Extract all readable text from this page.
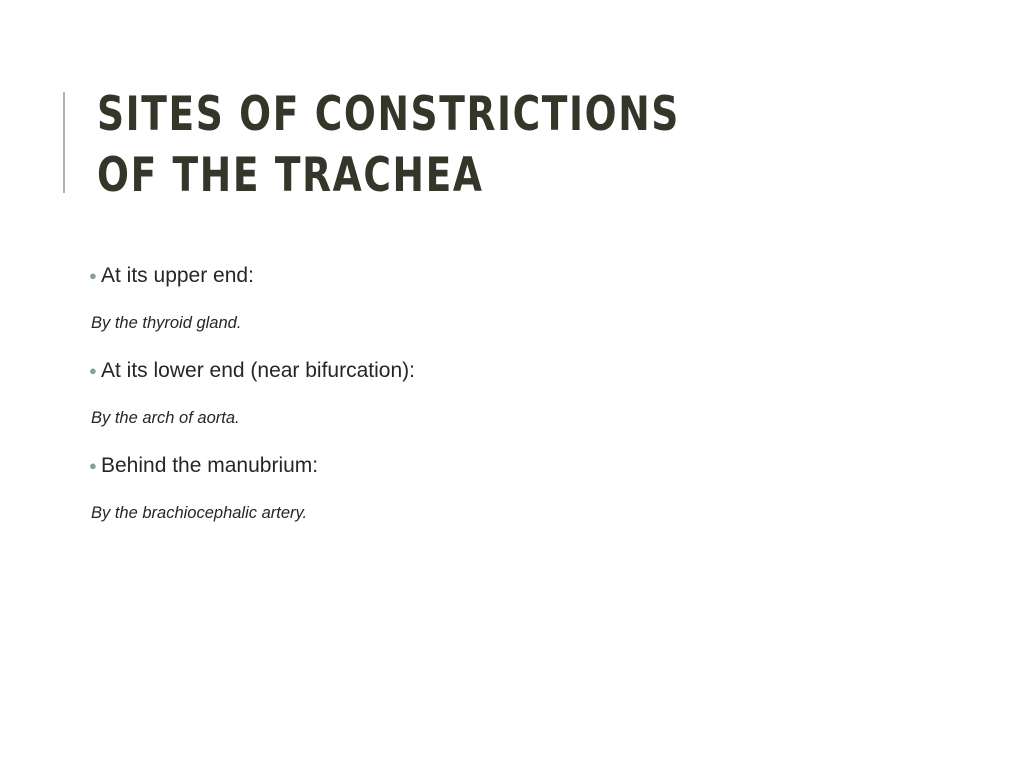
SITES OF CONSTRICTIONS
OF THE TRACHEA
● At its upper end:
By the thyroid gland.
● At its lower end (near bifurcation):
By the arch of aorta.
● Behind the manubrium:
By the brachiocephalic artery.
